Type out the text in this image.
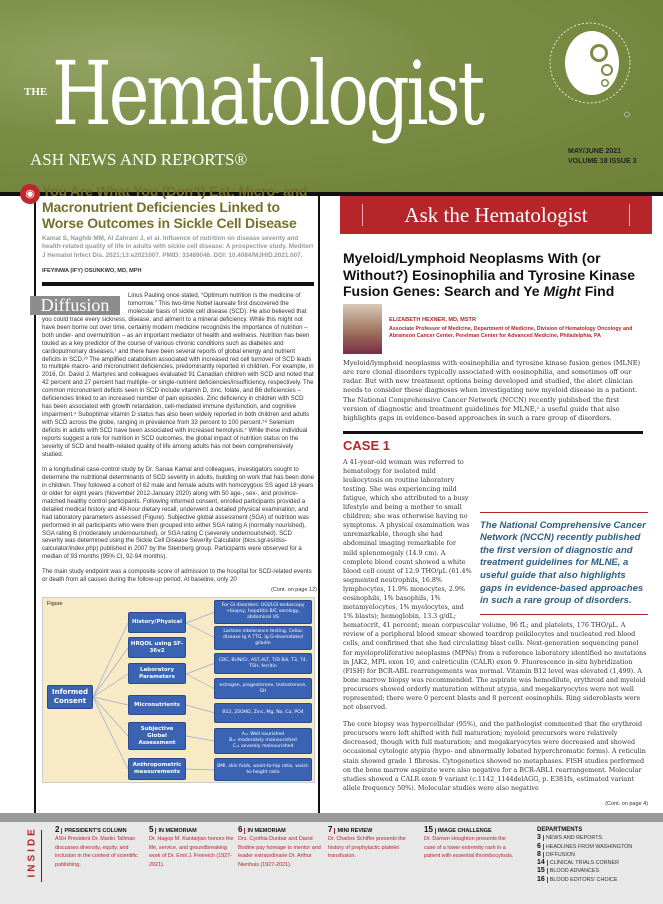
THE Hematologist
ASH NEWS AND REPORTS®	MAY/JUNE 2021
VOLUME 18 ISSUE 3
◉ You Are What You (Don’t) Eat: Micro- and Macronutrient Deficiencies Linked to Worse Outcomes in Sickle Cell Disease
Kamal S, Naghib MM, Al Zahrani J, et al. Influence of nutrition on disease severity and health-related quality of life in adults with sickle cell disease: A prospective study. Mediterr J Hematol Infect Dis. 2021;13:e2021007. PMID: 33489046. DOI: 10.4084/MJHID.2021.007.
IFEYINWA (IFY) OSUNKWO, MD, MPH

Diffusion	Linus Pauling once stated, “Optimum nutrition is the medicine of tomorrow.” This two-time Nobel laureate first discovered the molecular basis of sickle cell disease (SCD). He also believed that you could trace every sickness, disease, and ailment to a mineral deficiency. While this might not have been borne out over time, certainly modern medicine recognizes the importance of nutrition – both under- and overnutrition – as an important mediator of health and wellness. Nutrition has been touted as a key predictor of the course of various chronic conditions such as diabetes and cardiopulmonary diseases,¹ and there have been several reports of global energy and nutrient deficits in SCD.²³ The amplified catabolism associated with increased red cell turnover of SCD leads to multiple macro- and micronutrient deficiencies, predominantly reported in children. For example, in 2016, Dr. David J. Martyres and colleagues evaluated 91 Canadian children with SCD and noted that 42 percent and 27 percent had multiple- or single-nutrient deficiencies/insufficiency, respectively. The common micronutrient deficits seen in SCD include vitamin D, zinc, folate, and B6 deficiencies – deficiencies linked to an increased number of pain episodes. Zinc deficiency in children with SCD has been associated with growth retardation, cell-mediated immune dysfunction, and cognitive impairment.⁴ Suboptimal vitamin D status has also been widely reported in both children and adults with SCD across the globe, ranging in prevalence from 33 percent to 100 percent.⁵⁶ Selenium deficits in adults with SCD have been associated with increased hemolysis.⁷ While these individual reports suggest a role for nutrition in SCD outcomes, the global impact of nutrition status on the severity of SCD and health-related quality of life among adults has not been comprehensively studied.

In a longitudinal case-control study by Dr. Sanaa Kamal and colleagues, investigators sought to determine the nutritional determinants of SCD severity in adults, building on work that has been done in children. They followed a cohort of 62 male and female adults with homozygous SS aged 18 years or older for eight years (November 2012-January 2020) along with 50 age-, sex-, and province-matched healthy control participants. Following informed consent, enrolled participants provided a detailed medical history and 48-hour dietary recall, underwent a detailed physical examination, and had laboratory parameters assessed (Figure). Subjective global assessment (SGA) of nutrition was performed in all participants who were then grouped into either SGA rating A (normally nourished), SGA rating B (moderately undernourished), or SGA rating C (severely undernourished). SCD severity was determined using the Sickle Cell Disease Severity Calculator (bios.sgr.es/dss-calculator/index.php) published in 2007 by the Steinberg group. Participants were observed for a median of 93 months (95% CI, 92-94 months).

The main study endpoint was a composite score of admission to the hospital for SCD-related events or death from all causes during the follow-up period. At baseline, only 20

(Cont. on page 12)
Figure
Informed Consent
History/Physical
HRQOL using SF-36v2
Laboratory Parameters
Micronutrients
Subjective Global Assessment
Anthropometric measurements
For GI disorders: UGI/LGI endoscopy +biopsy, hepatitis B/C serology, abdominal US
Lactose intolerance testing, Celiac disease Ig A TTG, Ig G-deamidated gliadin
CBC, BUN/Cr, AST,ALT, T/D Bili, T3, T4, TSH, ferritin
estrogen, progesterone, testosterone, GH
B12, 25OHD, Zinc, Mg, Na, Ca, PO4
A= Well nourished
B= moderately malnourished
C= severely malnourished
BMI, skin folds, waist-to-hip ratio, waist-to-height ratio
Ask the Hematologist
Myeloid/Lymphoid Neoplasms With (or Without?) Eosinophilia and Tyrosine Kinase Fusion Genes: Search and Ye Might Find
ELIZABETH HEXNER, MD, MSTR
Associate Professor of Medicine, Department of Medicine, Division of Hematology Oncology and Abramson Cancer Center, Perelman Center for Advanced Medicine, Philadelphia, PA
Myeloid/lymphoid neoplasms with eosinophilia and tyrosine kinase fusion genes (MLNE) are rare clonal disorders typically associated with eosinophilia, and sometimes off our radar. But with new treatment options being developed and studied, the alert clinician needs to consider these diagnoses when investigating new myeloid disease in a patient. The National Comprehensive Cancer Network (NCCN) recently published the first version of diagnostic and treatment guidelines for MLNE,¹ a useful guide that also highlights gaps in evidence-based approaches in such a rare group of disorders.
CASE 1

The National Comprehensive Cancer Network (NCCN) recently published the first version of diagnostic and treatment guidelines for MLNE, a useful guide that also highlights gaps in evidence-based approaches in such a rare group of disorders.
A 41-year-old woman was referred to hematology for isolated mild leukocytosis on routine laboratory testing. She was experiencing mild fatigue, which she attributed to a busy lifestyle and being a mother to small children; she was otherwise having no symptoms. A physical examination was unremarkable, though she had abdominal imaging remarkable for mild splenomegaly (14.9 cm). A complete blood count showed a white blood cell count of 12.9 THO/µL (61.4% segmented neutrophils, 16.8% lymphocytes, 11.9% monocytes, 2.9% eosinophils, 1% basophils, 1% metamyelocytes, 1% myelocytes, and 1% blasts); hemoglobin, 13.3 g/dL; hematocrit, 41 percent; mean corpuscular volume, 96 fL; and platelets, 176 THO/µL. A review of a peripheral blood smear showed teardrop poikilocytes and nucleated red blood cells, and confirmed that she had circulating blast cells. Next-generation sequencing panel for myeloproliferative neoplasms (MPNs) from a reference laboratory identified no mutations in JAK2, MPL exon 10, and calreticulin (CALR) exon 9. Fluorescence in-situ hybridization (FISH) for BCR-ABL rearrangements was normal. Vitamin B12 level was elevated (1,499). A bone marrow biopsy was recommended. The aspirate was hemodilute, erythroid and myeloid precursors showed orderly maturation without atypia, and megakaryocytes were not well represented; there were 0 percent blasts and 8 percent eosinophils. Ring sideroblasts were not observed.

The core biopsy was hypercellular (95%), and the pathologist commented that the erythroid precursors were left shifted with full maturation; myeloid precursors were relatively decreased, though with full maturation; and megakaryocytes were decreased and showed occasional cytologic atypia (hypo- and abnormally lobated hyperchromatic forms). A reticulin stain showed grade 1 fibrosis. Cytogenetics showed no metaphases. FISH studies performed on the bone marrow aspirate were also negative for a BCR-ABL1 rearrangement. Molecular studies showed a CALR exon 9 variant (c.1142_1144delAGG, p. E381fs, estimated variant allele frequency 50%). Molecular studies were also negative

(Cont. on page 4)
INSIDE 2 PRESIDENT'S COLUMN
ASH President Dr. Martin Tallman discusses diversity, equity, and inclusion in the context of scientific publishing.
5 IN MEMORIAM
Dr. Hagop M. Kantarjian honors the life, service, and groundbreaking work of Dr. Emil J. Freireich (1927-2021).
6 IN MEMORIAM
Drs. Cynthia Dunbar and David Bodine pay homage to mentor and leader extraordinaire Dr. Arthur Nienhuis (1927-2021).
7 MINI REVIEW
Dr. Charles Schiffer presents the history of prophylactic platelet transfusion.
15 IMAGE CHALLENGE
Dr. Damon Houghton presents the case of a lower extremity rash in a patient with essential thrombocytosis.
DEPARTMENTS
3 NEWS AND REPORTS
6 HEADLINES FROM WASHINGTON
8 DIFFUSION
14 CLINICAL TRIALS CORNER
15 BLOOD ADVANCES
16 BLOOD EDITORS' CHOICE
